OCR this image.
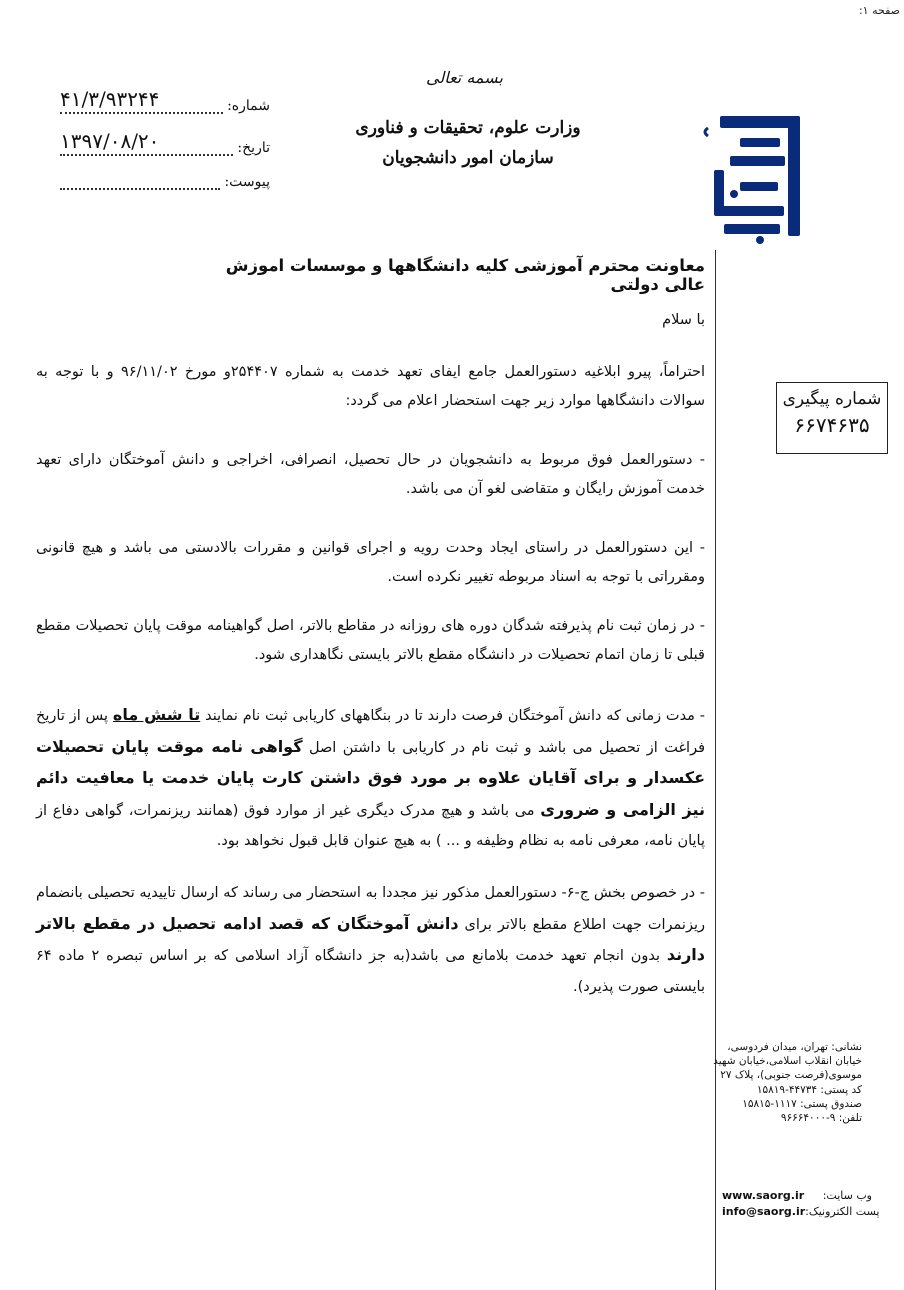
صفحه ۱:
بسمه تعالی
وزارت علوم، تحقیقات و فناوری
سازمان امور دانشجویان
شماره:
۴۱/۳/۹۳۲۴۴
تاریخ:
۱۳۹۷/۰۸/۲۰
پیوست:
شماره پیگیری
۶۶۷۴۶۳۵
معاونت محترم آموزشی کلیه دانشگاهها و موسسات اموزش عالی دولتی
با سلام
احتراماً، پیرو ابلاغیه دستورالعمل جامع ایفای تعهد خدمت به شماره ۲۵۴۴۰۷و مورخ ۹۶/۱۱/۰۲ و با توجه به سوالات دانشگاهها موارد زیر جهت استحضار اعلام می گردد:
- دستورالعمل فوق مربوط به دانشجویان در حال تحصیل، انصرافی، اخراجی و دانش آموختگان دارای تعهد خدمت آموزش رایگان و متقاضی لغو آن می باشد.
- این دستورالعمل در راستای ایجاد وحدت رویه و اجرای قوانین و مقررات بالادستی می باشد و هیچ قانونی ومقرراتی با توجه به اسناد مربوطه تغییر نکرده است.
- در زمان ثبت نام پذیرفته شدگان دوره های روزانه در مقاطع بالاتر، اصل گواهینامه موقت پایان تحصیلات مقطع قبلی تا زمان اتمام تحصیلات در دانشگاه مقطع بالاتر بایستی نگاهداری شود.
- مدت زمانی که دانش آموختگان فرصت دارند تا در بنگاههای کاریابی ثبت نام نمایند تا شش ماه پس از تاریخ فراغت از تحصیل می باشد و ثبت نام در کاریابی با داشتن اصل گواهی نامه موقت پایان تحصیلات عکسدار و برای آقایان علاوه بر مورد فوق داشتن کارت پایان خدمت یا معافیت دائم نیز الزامی و ضروری می باشد و هیچ مدرک دیگری غیر از موارد فوق (همانند ریزنمرات، گواهی دفاع از پایان نامه، معرفی نامه به نظام وظیفه و ... ) به هیچ عنوان قابل قبول نخواهد بود.
- در خصوص بخش ج-۶- دستورالعمل مذکور نیز مجددا به استحضار می رساند که ارسال تاییدیه تحصیلی بانضمام ریزنمرات جهت اطلاع مقطع بالاتر برای دانش آموختگان که قصد ادامه تحصیل در مقطع بالاتر دارند بدون انجام تعهد خدمت بلامانع می باشد(به جز دانشگاه آزاد اسلامی که بر اساس تبصره ۲ ماده ۶۴ بایستی صورت پذیرد).
نشانی: تهران، میدان فردوسی،
خیابان انقلاب اسلامی،خیابان شهید
موسوی(فرصت جنوبی)، پلاک ۲۷
کد پستی: ۴۴۷۳۴-۱۵۸۱۹
صندوق پستی: ۱۱۱۷-۱۵۸۱۵
تلفن: ۹-۹۶۶۶۴۰۰۰
www.saorg.ir وب سایت:
info@saorg.ir پست الکترونیک:
